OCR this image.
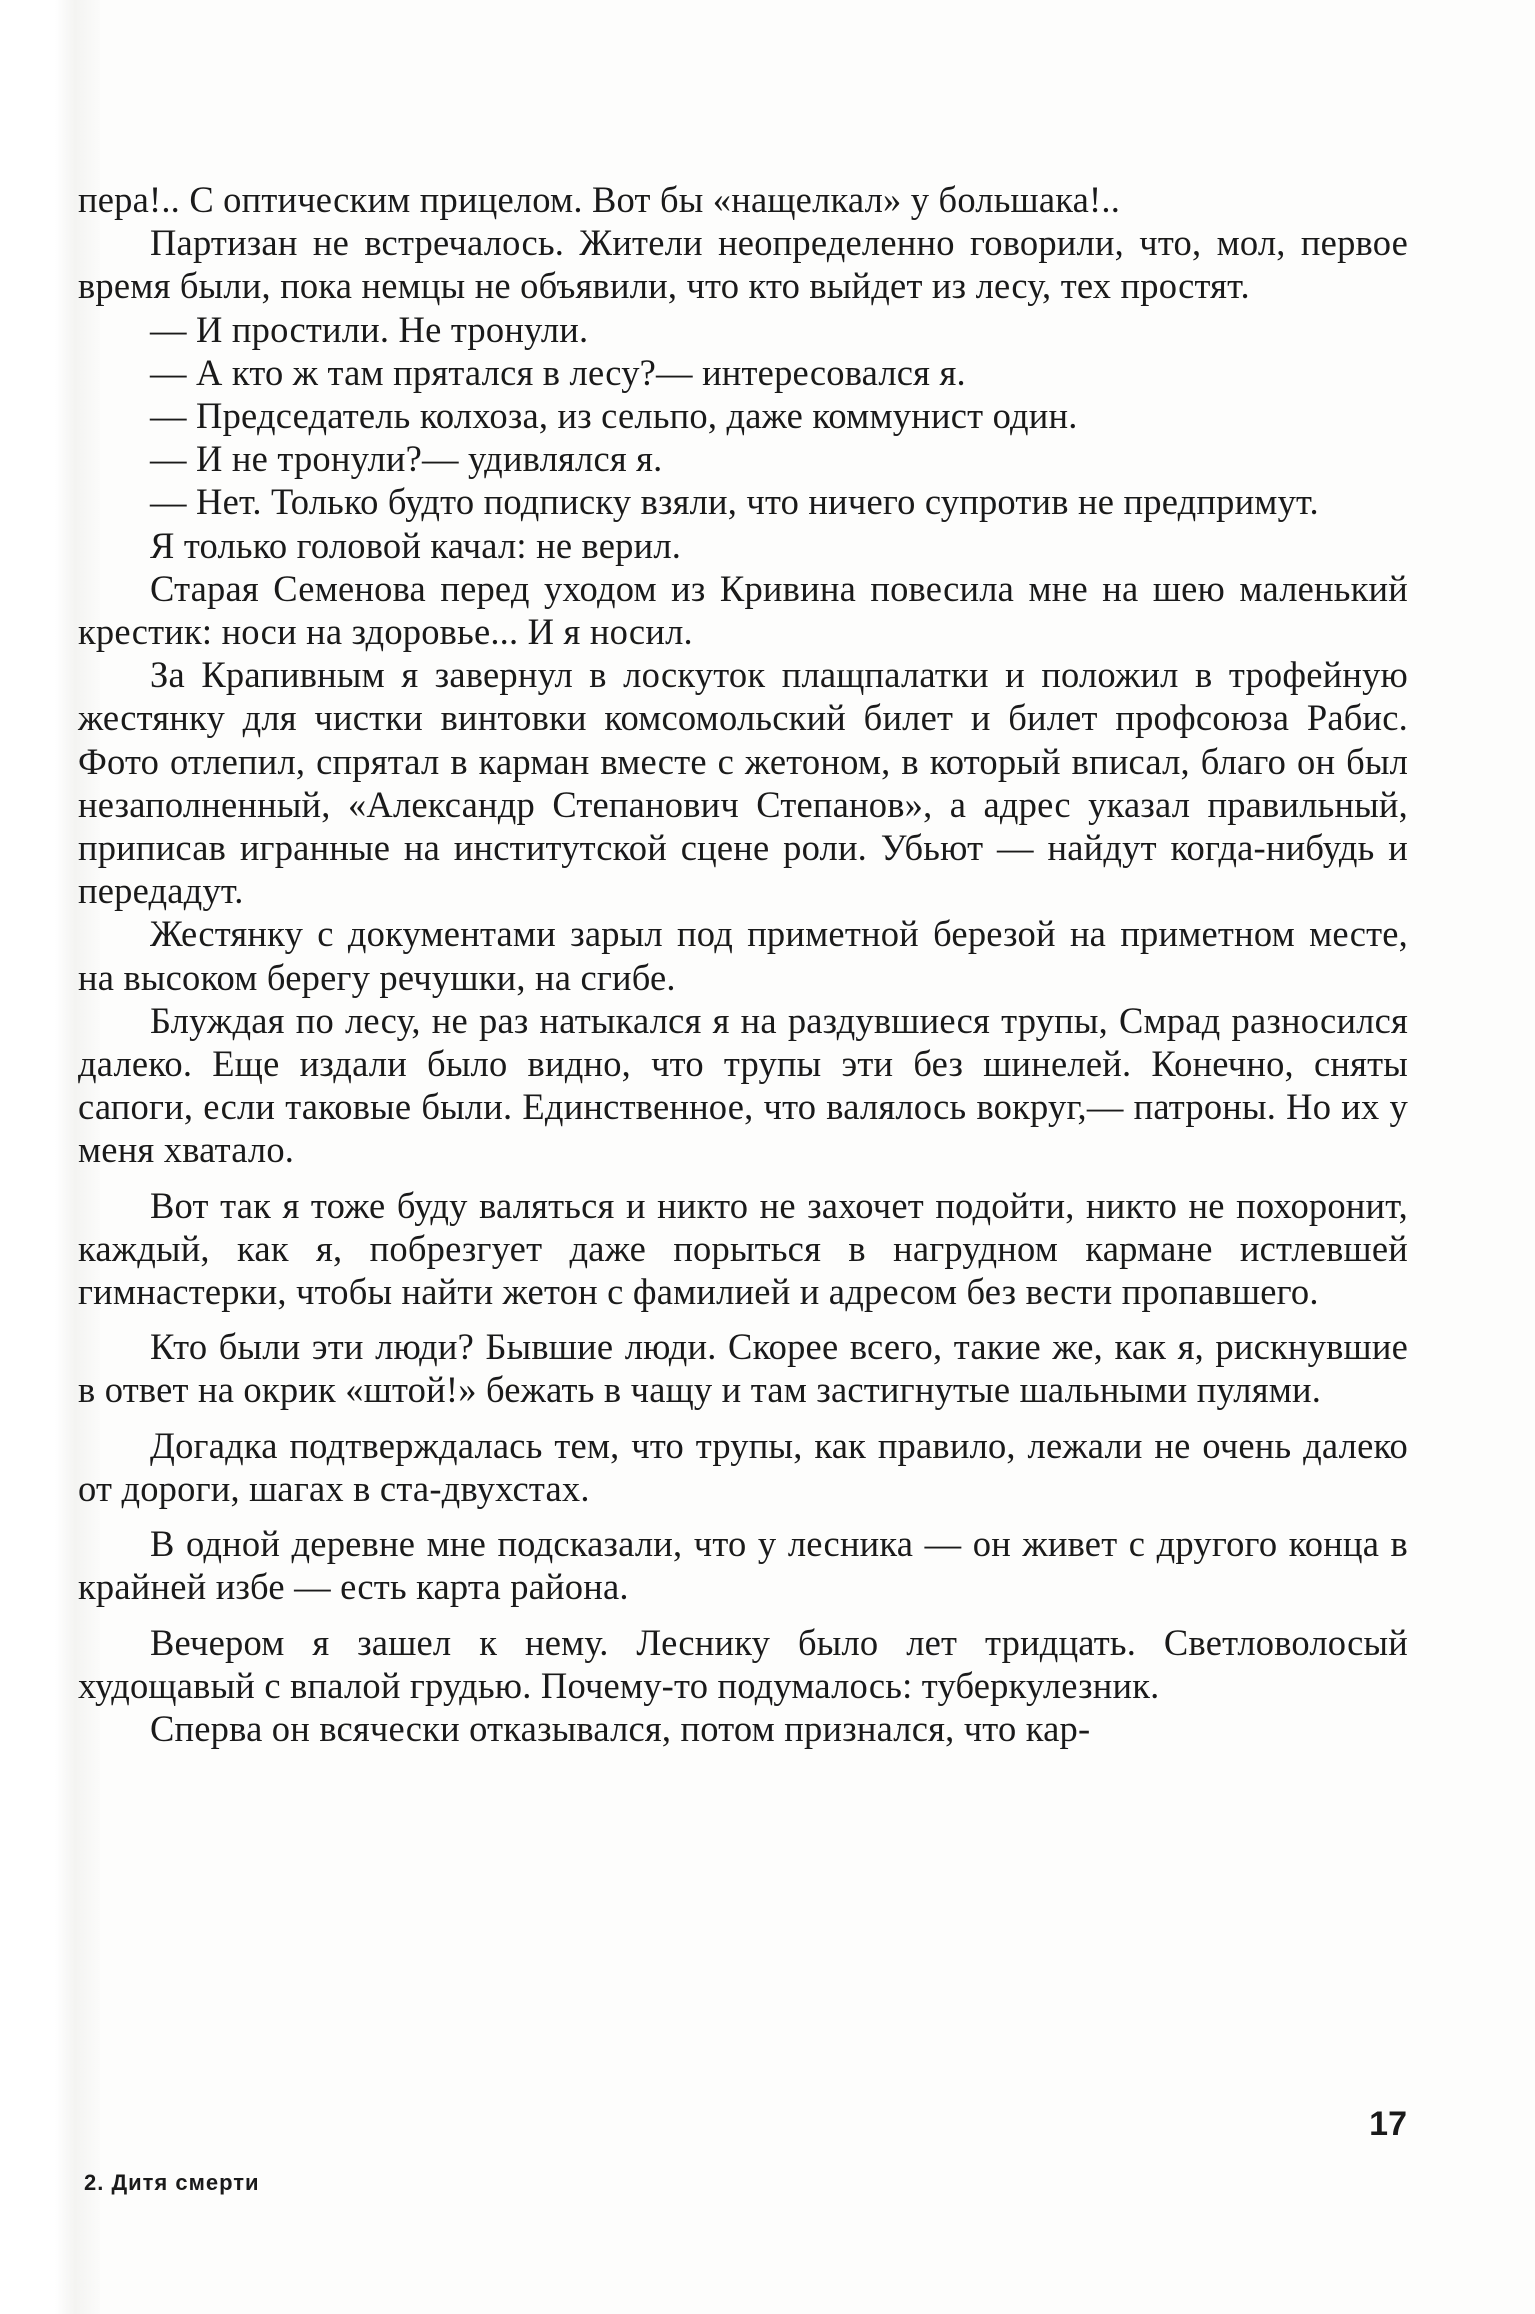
пера!.. С оптическим прицелом. Вот бы «нащелкал» у большака!..

Партизан не встречалось. Жители неопределенно говорили, что, мол, первое время были, пока немцы не объявили, что кто выйдет из лесу, тех простят.

— И простили. Не тронули.

— А кто ж там прятался в лесу?— интересовался я.

— Председатель колхоза, из сельпо, даже коммунист один.

— И не тронули?— удивлялся я.

— Нет. Только будто подписку взяли, что ничего супротив не предпримут.

Я только головой качал: не верил.

Старая Семенова перед уходом из Кривина повесила мне на шею маленький крестик: носи на здоровье... И я носил.

За Крапивным я завернул в лоскуток плащпалатки и положил в трофейную жестянку для чистки винтовки комсомольский билет и билет профсоюза Рабис. Фото отлепил, спрятал в карман вместе с жетоном, в который вписал, благо он был незаполненный, «Александр Степанович Степанов», а адрес указал правильный, приписав игранные на институтской сцене роли. Убьют — найдут когда-нибудь и передадут.

Жестянку с документами зарыл под приметной березой на приметном месте, на высоком берегу речушки, на сгибе.

Блуждая по лесу, не раз натыкался я на раздувшиеся трупы, Смрад разносился далеко. Еще издали было видно, что трупы эти без шинелей. Конечно, сняты сапоги, если таковые были. Единственное, что валялось вокруг,— патроны. Но их у меня хватало.

Вот так я тоже буду валяться и никто не захочет подойти, никто не похоронит, каждый, как я, побрезгует даже порыться в нагрудном кармане истлевшей гимнастерки, чтобы найти жетон с фамилией и адресом без вести пропавшего.

Кто были эти люди? Бывшие люди. Скорее всего, такие же, как я, рискнувшие в ответ на окрик «штой!» бежать в чащу и там застигнутые шальными пулями.

Догадка подтверждалась тем, что трупы, как правило, лежали не очень далеко от дороги, шагах в ста-двухстах.

В одной деревне мне подсказали, что у лесника — он живет с другого конца в крайней избе — есть карта района.

Вечером я зашел к нему. Леснику было лет тридцать. Светловолосый худощавый с впалой грудью. Почему-то подумалось: туберкулезник.

Сперва он всячески отказывался, потом признался, что кар-

17
2. Дитя смерти
